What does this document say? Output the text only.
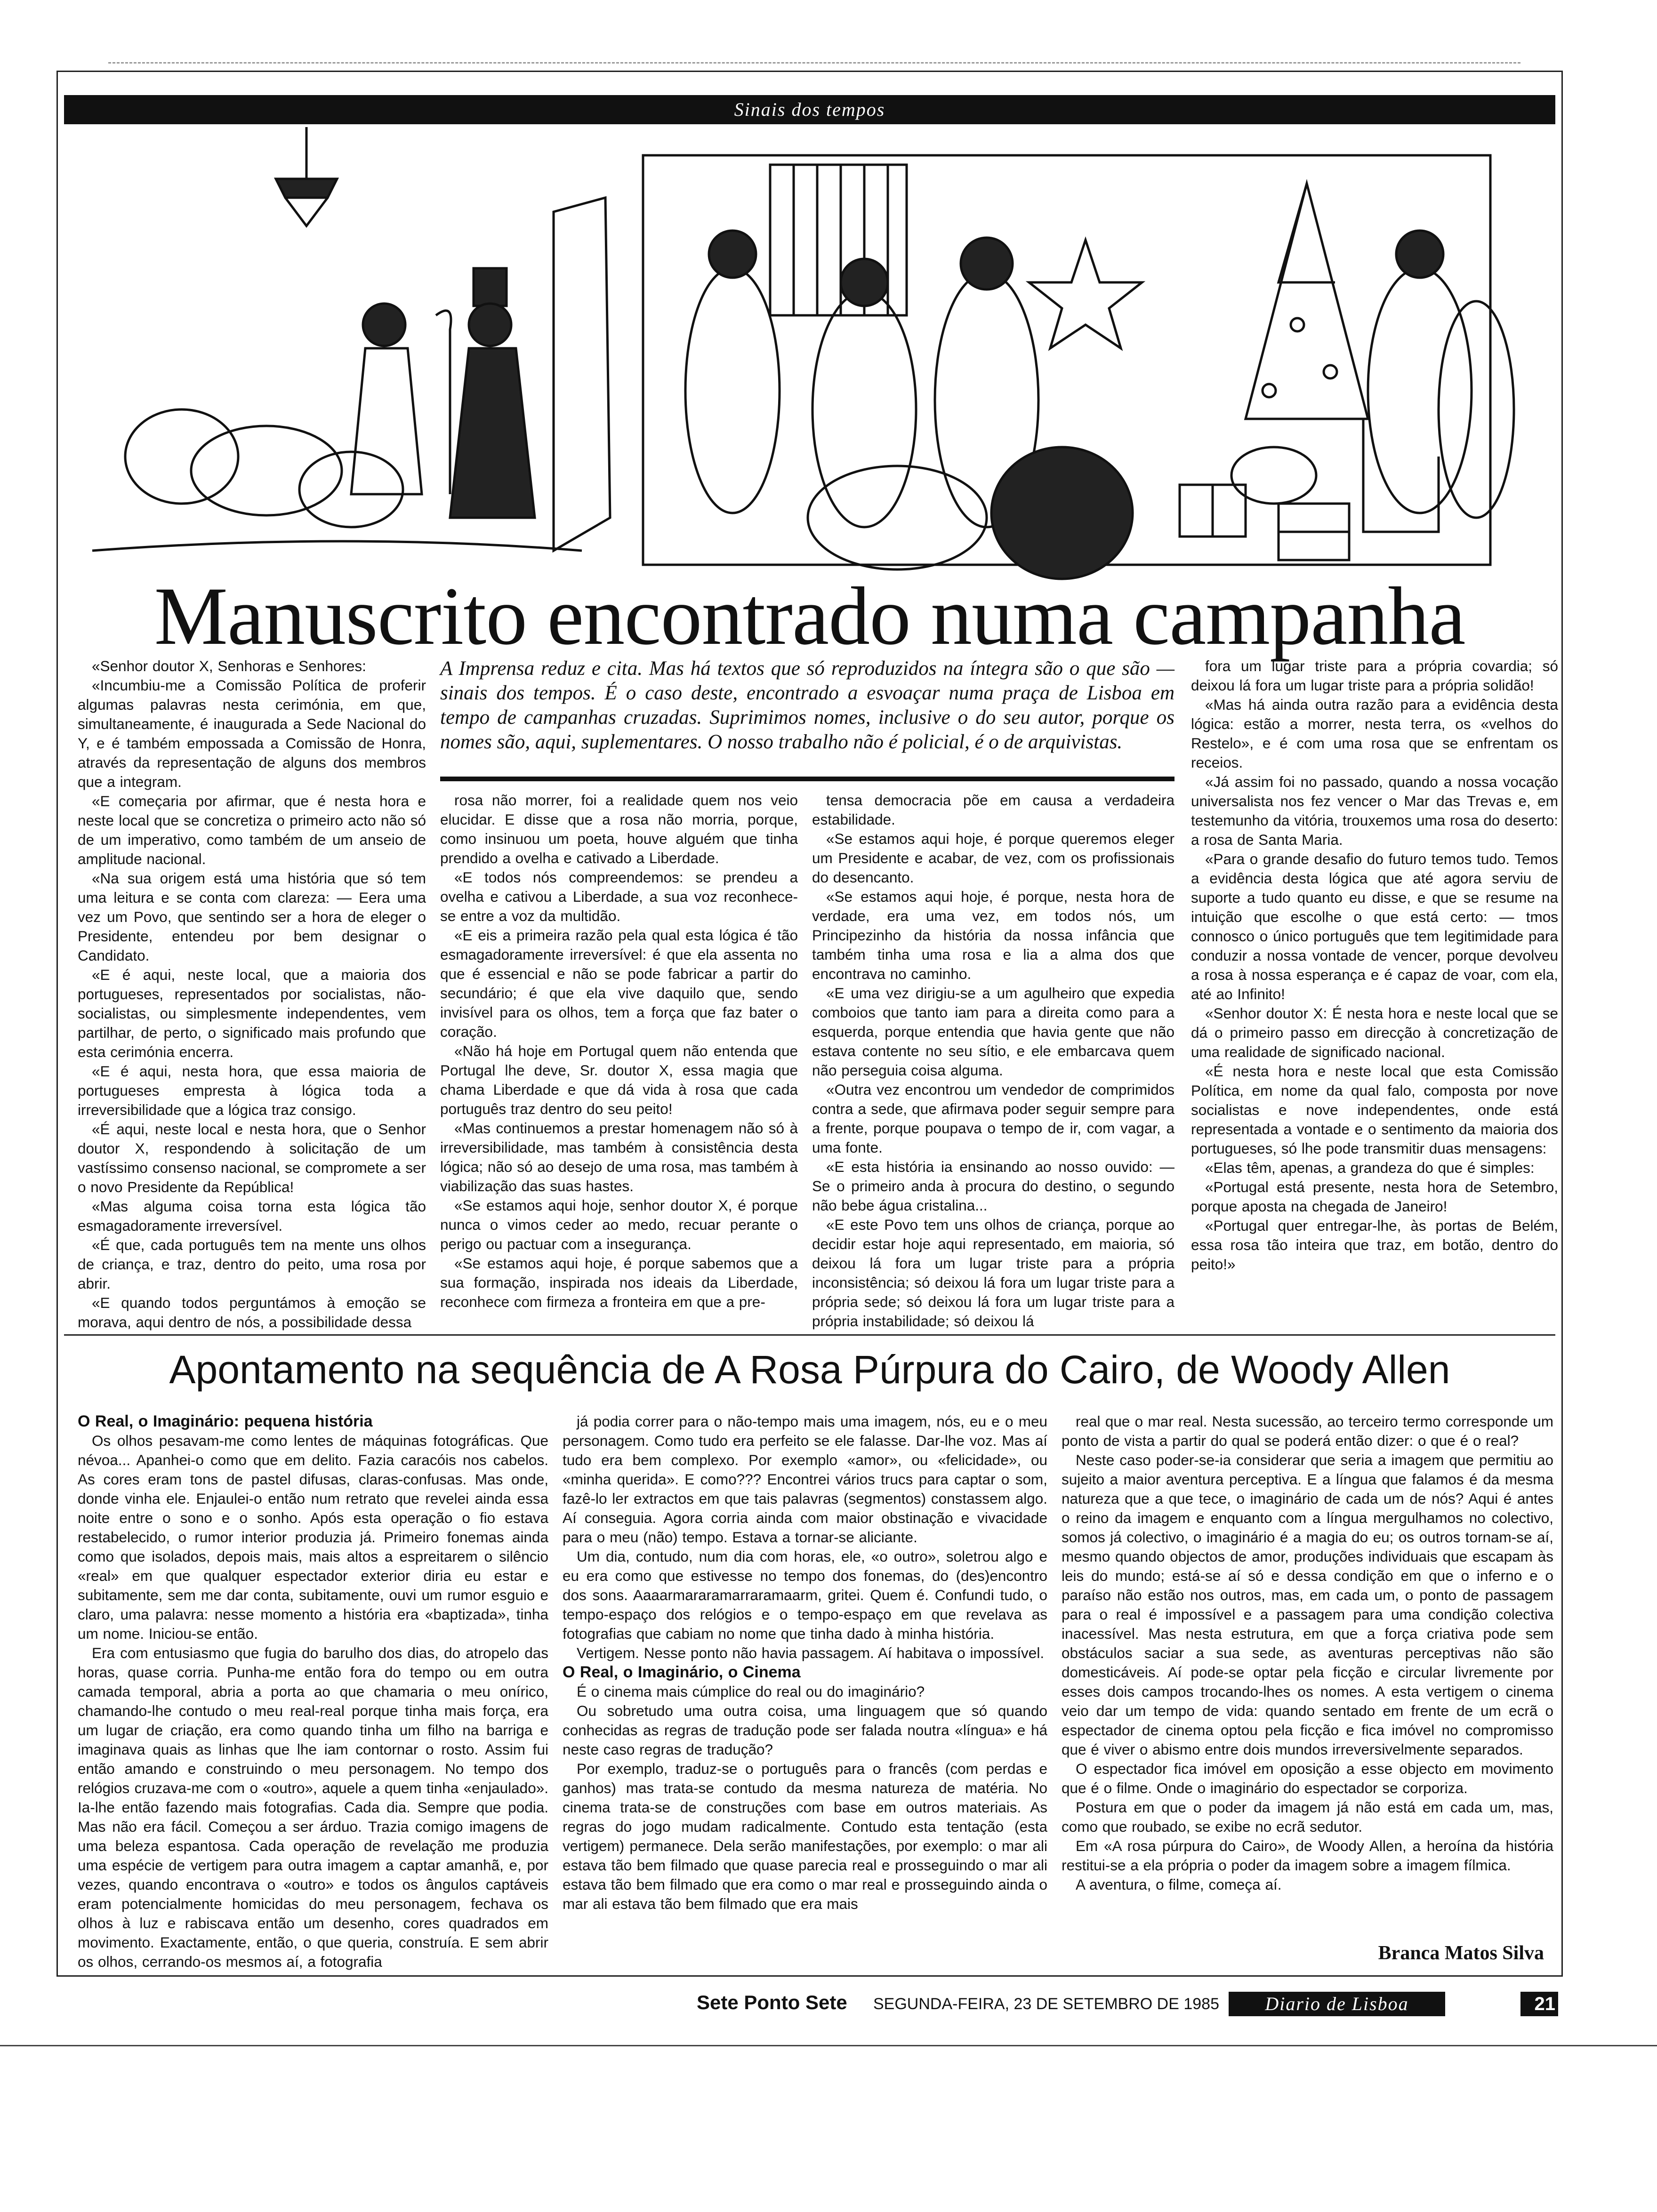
Sinais dos tempos
Manuscrito encontrado numa campanha
A Imprensa reduz e cita. Mas há textos que só reproduzidos na íntegra são o que são — sinais dos tempos. É o caso deste, encontrado a esvoaçar numa praça de Lisboa em tempo de campanhas cruzadas. Suprimimos nomes, inclusive o do seu autor, porque os nomes são, aqui, suplementares. O nosso trabalho não é policial, é o de arquivistas.

«Senhor doutor X, Senhoras e Senhores:

«Incumbiu-me a Comissão Política de proferir algumas palavras nesta cerimónia, em que, simultaneamente, é inaugurada a Sede Nacional do Y, e é também empossada a Comissão de Honra, através da representação de alguns dos membros que a integram.

«E começaria por afirmar, que é nesta hora e neste local que se concretiza o primeiro acto não só de um imperativo, como também de um anseio de amplitude nacional.

«Na sua origem está uma história que só tem uma leitura e se conta com clareza: — Eera uma vez um Povo, que sentindo ser a hora de eleger o Presidente, entendeu por bem designar o Candidato.

«E é aqui, neste local, que a maioria dos portugueses, representados por socialistas, não-socialistas, ou simplesmente independentes, vem partilhar, de perto, o significado mais profundo que esta cerimónia encerra.

«E é aqui, nesta hora, que essa maioria de portugueses empresta à lógica toda a irreversibilidade que a lógica traz consigo.

«É aqui, neste local e nesta hora, que o Senhor doutor X, respondendo à solicitação de um vastíssimo consenso nacional, se compromete a ser o novo Presidente da República!

«Mas alguma coisa torna esta lógica tão esmagadoramente irreversível.

«É que, cada português tem na mente uns olhos de criança, e traz, dentro do peito, uma rosa por abrir.

«E quando todos perguntámos à emoção se morava, aqui dentro de nós, a possibilidade dessa

rosa não morrer, foi a realidade quem nos veio elucidar. E disse que a rosa não morria, porque, como insinuou um poeta, houve alguém que tinha prendido a ovelha e cativado a Liberdade.

«E todos nós compreendemos: se prendeu a ovelha e cativou a Liberdade, a sua voz reconhece-se entre a voz da multidão.

«E eis a primeira razão pela qual esta lógica é tão esmagadoramente irreversível: é que ela assenta no que é essencial e não se pode fabricar a partir do secundário; é que ela vive daquilo que, sendo invisível para os olhos, tem a força que faz bater o coração.

«Não há hoje em Portugal quem não entenda que Portugal lhe deve, Sr. doutor X, essa magia que chama Liberdade e que dá vida à rosa que cada português traz dentro do seu peito!

«Mas continuemos a prestar homenagem não só à irreversibilidade, mas também à consistência desta lógica; não só ao desejo de uma rosa, mas também à viabilização das suas hastes.

«Se estamos aqui hoje, senhor doutor X, é porque nunca o vimos ceder ao medo, recuar perante o perigo ou pactuar com a insegurança.

«Se estamos aqui hoje, é porque sabemos que a sua formação, inspirada nos ideais da Liberdade, reconhece com firmeza a fronteira em que a pre-

tensa democracia põe em causa a verdadeira estabilidade.

«Se estamos aqui hoje, é porque queremos eleger um Presidente e acabar, de vez, com os profissionais do desencanto.

«Se estamos aqui hoje, é porque, nesta hora de verdade, era uma vez, em todos nós, um Principezinho da história da nossa infância que também tinha uma rosa e lia a alma dos que encontrava no caminho.

«E uma vez dirigiu-se a um agulheiro que expedia comboios que tanto iam para a direita como para a esquerda, porque entendia que havia gente que não estava contente no seu sítio, e ele embarcava quem não perseguia coisa alguma.

«Outra vez encontrou um vendedor de comprimidos contra a sede, que afirmava poder seguir sempre para a frente, porque poupava o tempo de ir, com vagar, a uma fonte.

«E esta história ia ensinando ao nosso ouvido: — Se o primeiro anda à procura do destino, o segundo não bebe água cristalina...

«E este Povo tem uns olhos de criança, porque ao decidir estar hoje aqui representado, em maioria, só deixou lá fora um lugar triste para a própria inconsistência; só deixou lá fora um lugar triste para a própria sede; só deixou lá fora um lugar triste para a própria instabilidade; só deixou lá

fora um lugar triste para a própria covardia; só deixou lá fora um lugar triste para a própria solidão!

«Mas há ainda outra razão para a evidência desta lógica: estão a morrer, nesta terra, os «velhos do Restelo», e é com uma rosa que se enfrentam os receios.

«Já assim foi no passado, quando a nossa vocação universalista nos fez vencer o Mar das Trevas e, em testemunho da vitória, trouxemos uma rosa do deserto: a rosa de Santa Maria.

«Para o grande desafio do futuro temos tudo. Temos a evidência desta lógica que até agora serviu de suporte a tudo quanto eu disse, e que se resume na intuição que escolhe o que está certo: — tmos connosco o único português que tem legitimidade para conduzir a nossa vontade de vencer, porque devolveu a rosa à nossa esperança e é capaz de voar, com ela, até ao Infinito!

«Senhor doutor X: É nesta hora e neste local que se dá o primeiro passo em direcção à concretização de uma realidade de significado nacional.

«É nesta hora e neste local que esta Comissão Política, em nome da qual falo, composta por nove socialistas e nove independentes, onde está representada a vontade e o sentimento da maioria dos portugueses, só lhe pode transmitir duas mensagens:

«Elas têm, apenas, a grandeza do que é simples:

«Portugal está presente, nesta hora de Setembro, porque aposta na chegada de Janeiro!

«Portugal quer entregar-lhe, às portas de Belém, essa rosa tão inteira que traz, em botão, dentro do peito!»

Apontamento na sequência de A Rosa Púrpura do Cairo, de Woody Allen

O Real, o Imaginário: pequena história

Os olhos pesavam-me como lentes de máquinas fotográficas. Que névoa... Apanhei-o como que em delito. Fazia caracóis nos cabelos. As cores eram tons de pastel difusas, claras-confusas. Mas onde, donde vinha ele. Enjaulei-o então num retrato que revelei ainda essa noite entre o sono e o sonho. Após esta operação o fio estava restabelecido, o rumor interior produzia já. Primeiro fonemas ainda como que isolados, depois mais, mais altos a espreitarem o silêncio «real» em que qualquer espectador exterior diria eu estar e subitamente, sem me dar conta, subitamente, ouvi um rumor esguio e claro, uma palavra: nesse momento a história era «baptizada», tinha um nome. Iniciou-se então.

Era com entusiasmo que fugia do barulho dos dias, do atropelo das horas, quase corria. Punha-me então fora do tempo ou em outra camada temporal, abria a porta ao que chamaria o meu onírico, chamando-lhe contudo o meu real-real porque tinha mais força, era um lugar de criação, era como quando tinha um filho na barriga e imaginava quais as linhas que lhe iam contornar o rosto. Assim fui então amando e construindo o meu personagem. No tempo dos relógios cruzava-me com o «outro», aquele a quem tinha «enjaulado». Ia-lhe então fazendo mais fotografias. Cada dia. Sempre que podia. Mas não era fácil. Começou a ser árduo. Trazia comigo imagens de uma beleza espantosa. Cada operação de revelação me produzia uma espécie de vertigem para outra imagem a captar amanhã, e, por vezes, quando encontrava o «outro» e todos os ângulos captáveis eram potencialmente homicidas do meu personagem, fechava os olhos à luz e rabiscava então um desenho, cores quadrados em movimento. Exactamente, então, o que queria, construía. E sem abrir os olhos, cerrando-os mesmos aí, a fotografia

já podia correr para o não-tempo mais uma imagem, nós, eu e o meu personagem. Como tudo era perfeito se ele falasse. Dar-lhe voz. Mas aí tudo era bem complexo. Por exemplo «amor», ou «felicidade», ou «minha querida». E como??? Encontrei vários trucs para captar o som, fazê-lo ler extractos em que tais palavras (segmentos) constassem algo. Aí conseguia. Agora corria ainda com maior obstinação e vivacidade para o meu (não) tempo. Estava a tornar-se aliciante.

Um dia, contudo, num dia com horas, ele, «o outro», soletrou algo e eu era como que estivesse no tempo dos fonemas, do (des)encontro dos sons. Aaaarmararamarraramaarm, gritei. Quem é. Confundi tudo, o tempo-espaço dos relógios e o tempo-espaço em que revelava as fotografias que cabiam no nome que tinha dado à minha história.

Vertigem. Nesse ponto não havia passagem. Aí habitava o impossível.

O Real, o Imaginário, o Cinema

É o cinema mais cúmplice do real ou do imaginário?

Ou sobretudo uma outra coisa, uma linguagem que só quando conhecidas as regras de tradução pode ser falada noutra «língua» e há neste caso regras de tradução?

Por exemplo, traduz-se o português para o francês (com perdas e ganhos) mas trata-se contudo da mesma natureza de matéria. No cinema trata-se de construções com base em outros materiais. As regras do jogo mudam radicalmente. Contudo esta tentação (esta vertigem) permanece. Dela serão manifestações, por exemplo: o mar ali estava tão bem filmado que quase parecia real e prosseguindo o mar ali estava tão bem filmado que era como o mar real e prosseguindo ainda o mar ali estava tão bem filmado que era mais

real que o mar real. Nesta sucessão, ao terceiro termo corresponde um ponto de vista a partir do qual se poderá então dizer: o que é o real?

Neste caso poder-se-ia considerar que seria a imagem que permitiu ao sujeito a maior aventura perceptiva. E a língua que falamos é da mesma natureza que a que tece, o imaginário de cada um de nós? Aqui é antes o reino da imagem e enquanto com a língua mergulhamos no colectivo, somos já colectivo, o imaginário é a magia do eu; os outros tornam-se aí, mesmo quando objectos de amor, produções individuais que escapam às leis do mundo; está-se aí só e dessa condição em que o inferno e o paraíso não estão nos outros, mas, em cada um, o ponto de passagem para o real é impossível e a passagem para uma condição colectiva inacessível. Mas nesta estrutura, em que a força criativa pode sem obstáculos saciar a sua sede, as aventuras perceptivas não são domesticáveis. Aí pode-se optar pela ficção e circular livremente por esses dois campos trocando-lhes os nomes. A esta vertigem o cinema veio dar um tempo de vida: quando sentado em frente de um ecrã o espectador de cinema optou pela ficção e fica imóvel no compromisso que é viver o abismo entre dois mundos irreversivelmente separados.

O espectador fica imóvel em oposição a esse objecto em movimento que é o filme. Onde o imaginário do espectador se corporiza.

Postura em que o poder da imagem já não está em cada um, mas, como que roubado, se exibe no ecrã sedutor.

Em «A rosa púrpura do Cairo», de Woody Allen, a heroína da história restitui-se a ela própria o poder da imagem sobre a imagem fílmica.

A aventura, o filme, começa aí.

Branca Matos Silva
Sete Ponto Sete SEGUNDA-FEIRA, 23 DE SETEMBRO DE 1985	Diario de Lisboa	21
